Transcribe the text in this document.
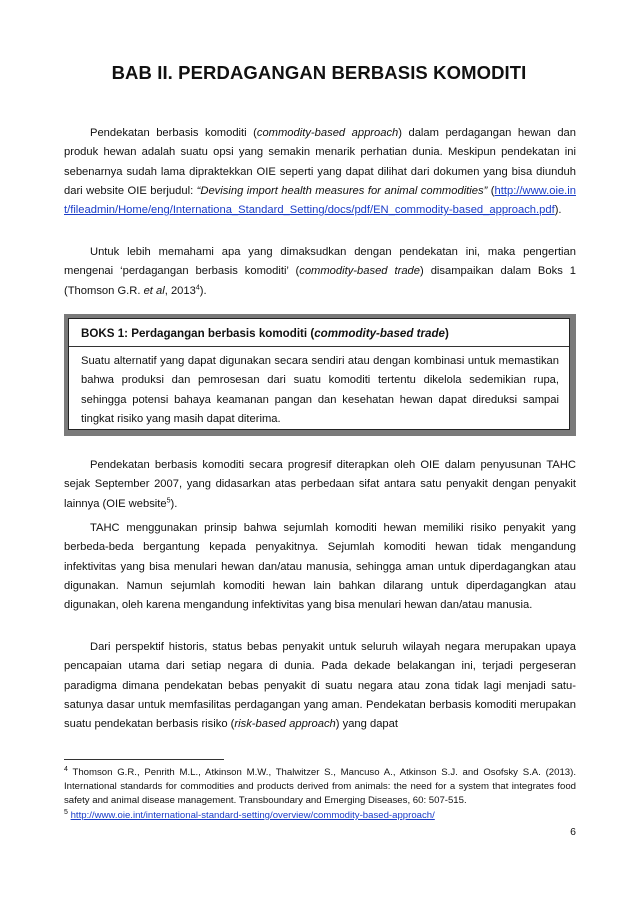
BAB II. PERDAGANGAN BERBASIS KOMODITI

Pendekatan berbasis komoditi (commodity-based approach) dalam perdagangan hewan dan produk hewan adalah suatu opsi yang semakin menarik perhatian dunia. Meskipun pendekatan ini sebenarnya sudah lama dipraktekkan OIE seperti yang dapat dilihat dari dokumen yang bisa diunduh dari website OIE berjudul: “Devising import health measures for animal commodities” (http://www.oie.int/fileadmin/Home/eng/Internationa_Standard_Setting/docs/pdf/EN_commodity-based_approach.pdf).

Untuk lebih memahami apa yang dimaksudkan dengan pendekatan ini, maka pengertian mengenai ‘perdagangan berbasis komoditi’ (commodity-based trade) disampaikan dalam Boks 1 (Thomson G.R. et al, 2013$^4$).

BOKS 1: Perdagangan berbasis komoditi (commodity-based trade)

Suatu alternatif yang dapat digunakan secara sendiri atau dengan kombinasi untuk memastikan bahwa produksi dan pemrosesan dari suatu komoditi tertentu dikelola sedemikian rupa, sehingga potensi bahaya keamanan pangan dan kesehatan hewan dapat direduksi sampai tingkat risiko yang masih dapat diterima.

Pendekatan berbasis komoditi secara progresif diterapkan oleh OIE dalam penyusunan TAHC sejak September 2007, yang didasarkan atas perbedaan sifat antara satu penyakit dengan penyakit lainnya (OIE website$^5$).

TAHC menggunakan prinsip bahwa sejumlah komoditi hewan memiliki risiko penyakit yang berbeda-beda bergantung kepada penyakitnya. Sejumlah komoditi hewan tidak mengandung infektivitas yang bisa menulari hewan dan/atau manusia, sehingga aman untuk diperdagangkan atau digunakan. Namun sejumlah komoditi hewan lain bahkan dilarang untuk diperdagangkan atau digunakan, oleh karena mengandung infektivitas yang bisa menulari hewan dan/atau manusia.

Dari perspektif historis, status bebas penyakit untuk seluruh wilayah negara merupakan upaya pencapaian utama dari setiap negara di dunia. Pada dekade belakangan ini, terjadi pergeseran paradigma dimana pendekatan bebas penyakit di suatu negara atau zona tidak lagi menjadi satu-satunya dasar untuk memfasilitas perdagangan yang aman. Pendekatan berbasis komoditi merupakan suatu pendekatan berbasis risiko (risk-based approach) yang dapat

$^4$ Thomson G.R., Penrith M.L., Atkinson M.W., Thalwitzer S., Mancuso A., Atkinson S.J. and Osofsky S.A. (2013). International standards for commodities and products derived from animals: the need for a system that integrates food safety and animal disease management. Transboundary and Emerging Diseases, 60: 507-515.

$^5$ http://www.oie.int/international-standard-setting/overview/commodity-based-approach/

6
